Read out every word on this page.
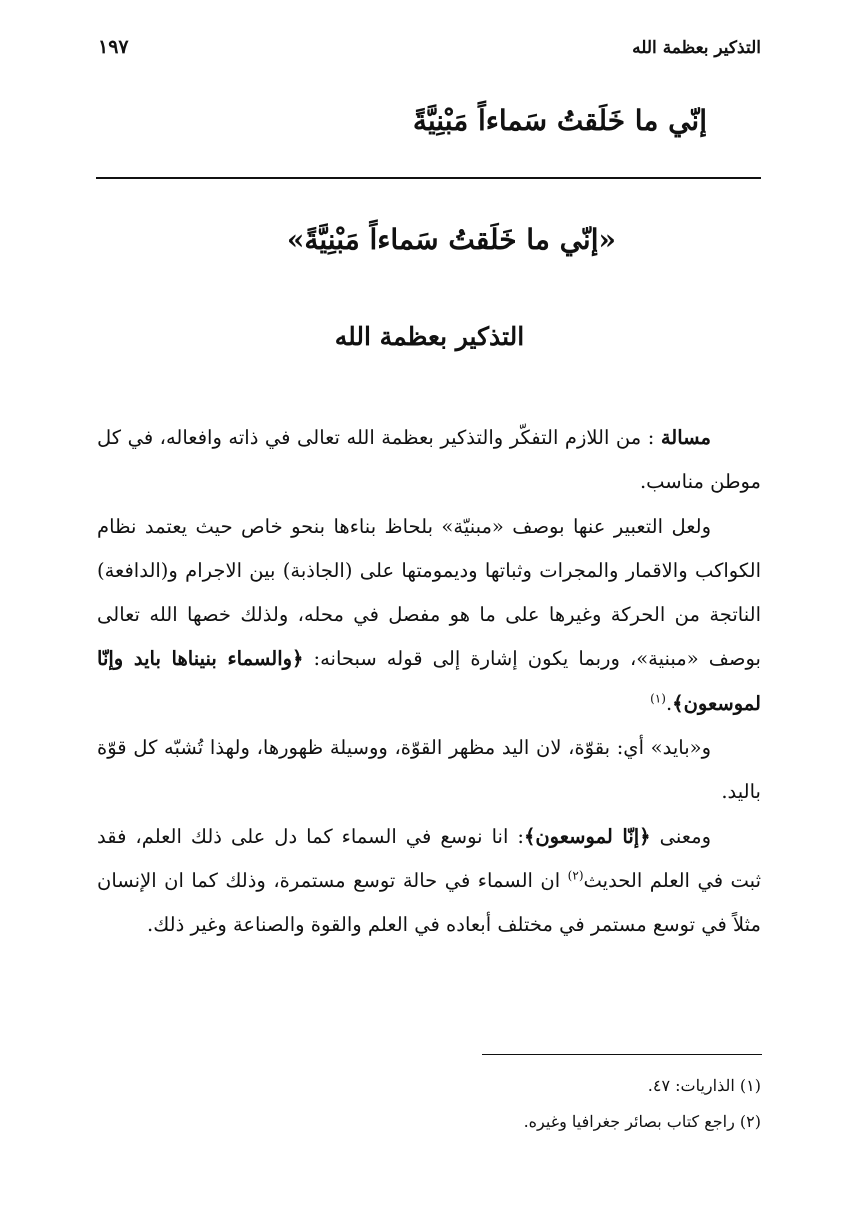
التذكير بعظمة الله
١٩٧
إنّي ما خَلَقتُ سَماءاً مَبْنِيَّةً
«إنّي ما خَلَقتُ سَماءاً مَبْنِيَّةً»
التذكير بعظمة الله

مسالة : من اللازم التفكّر والتذكير بعظمة الله تعالى في ذاته وافعاله، في كل موطن مناسب.

ولعل التعبير عنها بوصف «مبنيّة» بلحاظ بناءها بنحو خاص حيث يعتمد نظام الكواكب والاقمار والمجرات وثباتها وديمومتها على (الجاذبة) بين الاجرام و(الدافعة) الناتجة من الحركة وغيرها على ما هو مفصل في محله، ولذلك خصها الله تعالى بوصف «مبنية»، وربما يكون إشارة إلى قوله سبحانه: ﴿والسماء بنيناها بايد وإنّا لموسعون﴾.$^{(١)}$

و«بايد» أي: بقوّة، لان اليد مظهر القوّة، ووسيلة ظهورها، ولهذا تُشبّه كل قوّة باليد.

ومعنى ﴿إنّا لموسعون﴾: انا نوسع في السماء كما دل على ذلك العلم، فقد ثبت في العلم الحديث$^{(٢)}$ ان السماء في حالة توسع مستمرة، وذلك كما ان الإنسان مثلاً في توسع مستمر في مختلف أبعاده في العلم والقوة والصناعة وغير ذلك.

(١) الذاريات: ٤٧.
(٢) راجع كتاب بصائر جغرافيا وغيره.
